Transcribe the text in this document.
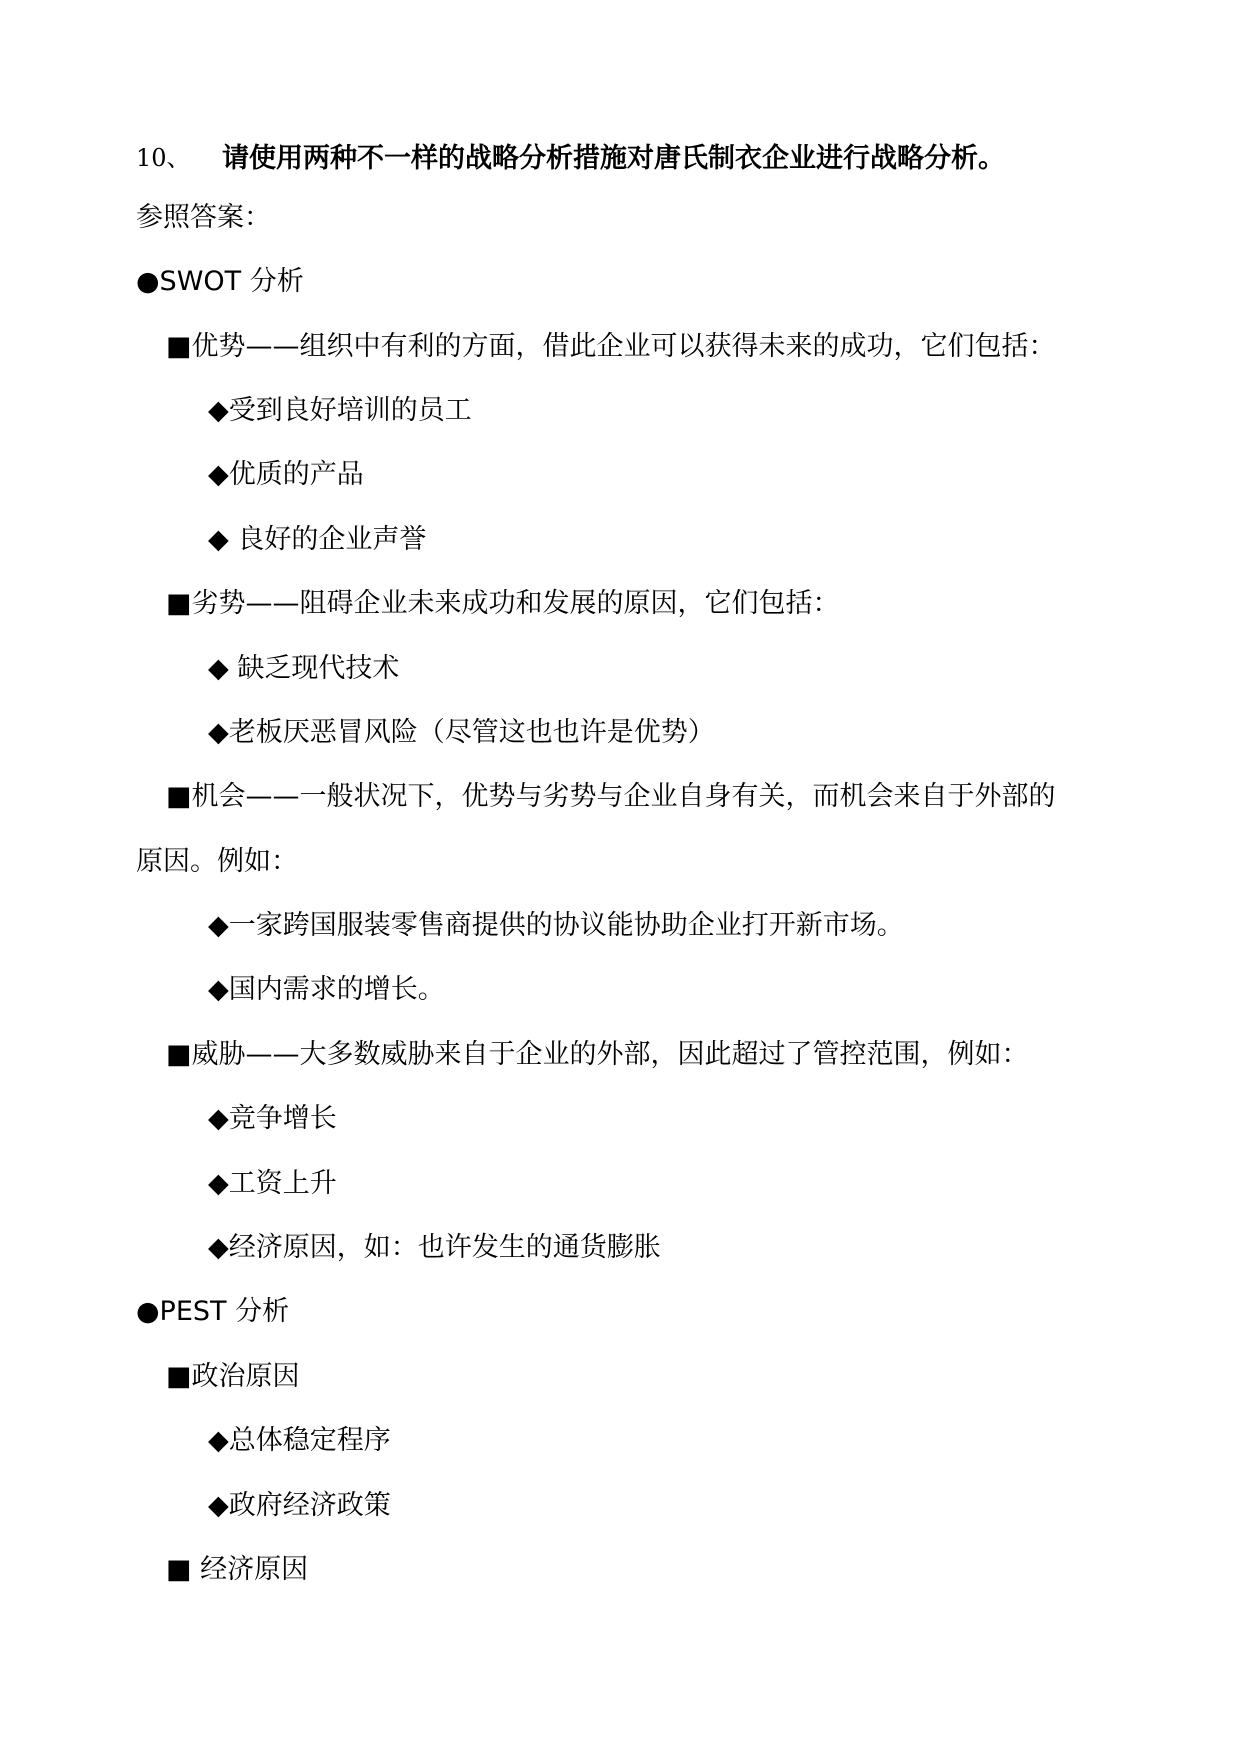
10、 请使用两种不一样的战略分析措施对唐氏制衣企业进行战略分析。
参照答案：
●SWOT 分析
■优势——组织中有利的方面，借此企业可以获得未来的成功，它们包括：
◆受到良好培训的员工
◆优质的产品
◆ 良好的企业声誉
■劣势——阻碍企业未来成功和发展的原因，它们包括：
◆ 缺乏现代技术
◆老板厌恶冒风险（尽管这也也许是优势）
■机会——一般状况下，优势与劣势与企业自身有关，而机会来自于外部的
原因。例如：
◆一家跨国服装零售商提供的协议能协助企业打开新市场。
◆国内需求的增长。
■威胁——大多数威胁来自于企业的外部，因此超过了管控范围，例如：
◆竞争增长
◆工资上升
◆经济原因，如：也许发生的通货膨胀
●PEST 分析
■政治原因
◆总体稳定程序
◆政府经济政策
■ 经济原因
